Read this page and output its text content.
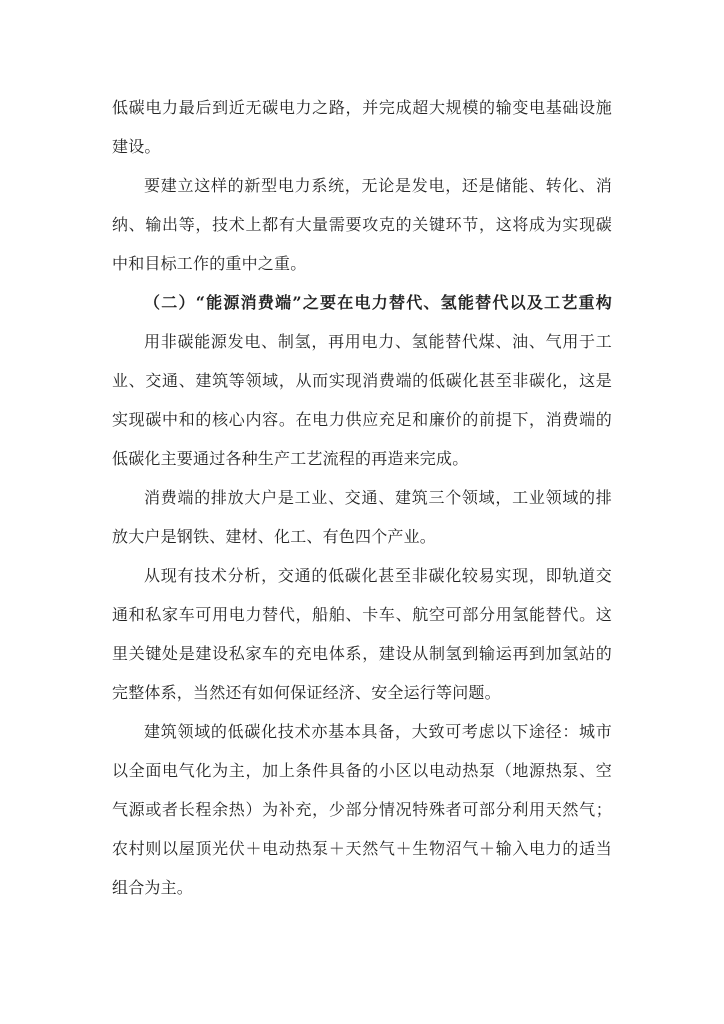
低碳电力最后到近无碳电力之路，并完成超大规模的输变电基础设施
建设。
要建立这样的新型电力系统，无论是发电，还是储能、转化、消
纳、输出等，技术上都有大量需要攻克的关键环节，这将成为实现碳
中和目标工作的重中之重。
（二）“能源消费端”之要在电力替代、氢能替代以及工艺重构
用非碳能源发电、制氢，再用电力、氢能替代煤、油、气用于工
业、交通、建筑等领域，从而实现消费端的低碳化甚至非碳化，这是
实现碳中和的核心内容。在电力供应充足和廉价的前提下，消费端的
低碳化主要通过各种生产工艺流程的再造来完成。
消费端的排放大户是工业、交通、建筑三个领域，工业领域的排
放大户是钢铁、建材、化工、有色四个产业。
从现有技术分析，交通的低碳化甚至非碳化较易实现，即轨道交
通和私家车可用电力替代，船舶、卡车、航空可部分用氢能替代。这
里关键处是建设私家车的充电体系，建设从制氢到输运再到加氢站的
完整体系，当然还有如何保证经济、安全运行等问题。
建筑领域的低碳化技术亦基本具备，大致可考虑以下途径：城市
以全面电气化为主，加上条件具备的小区以电动热泵（地源热泵、空
气源或者长程余热）为补充，少部分情况特殊者可部分利用天然气；
农村则以屋顶光伏＋电动热泵＋天然气＋生物沼气＋输入电力的适当
组合为主。
